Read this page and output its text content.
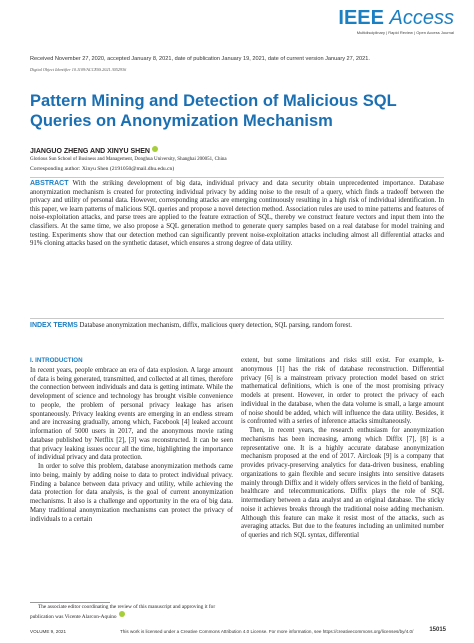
IEEE Access
Multidisciplinary | Rapid Review | Open Access Journal
Received November 27, 2020, accepted January 8, 2021, date of publication January 19, 2021, date of current version January 27, 2021.
Digital Object Identifier 10.1109/ACCESS.2021.3052936
Pattern Mining and Detection of Malicious SQL Queries on Anonymization Mechanism
JIANGUO ZHENG AND XINYU SHEN
Glorious Sun School of Business and Management, Donghua University, Shanghai 200051, China
Corresponding author: Xinyu Shen (2191050@mail.dhu.edu.cn)
ABSTRACT With the striking development of big data, individual privacy and data security obtain unprecedented importance. Database anonymization mechanism is created for protecting individual privacy by adding noise to the result of a query, which finds a tradeoff between the privacy and utility of personal data. However, corresponding attacks are emerging continuously resulting in a high risk of individual identification. In this paper, we learn patterns of malicious SQL queries and propose a novel detection method. Association rules are used to mine patterns and features of noise-exploitation attacks, and parse trees are applied to the feature extraction of SQL, thereby we construct feature vectors and input them into the classifiers. At the same time, we also propose a SQL generation method to generate query samples based on a real database for model training and testing. Experiments show that our detection method can significantly prevent noise-exploitation attacks including almost all differential attacks and 91% cloning attacks based on the synthetic dataset, which ensures a strong degree of data utility.
INDEX TERMS Database anonymization mechanism, diffix, malicious query detection, SQL parsing, random forest.
I. INTRODUCTION

In recent years, people embrace an era of data explosion. A large amount of data is being generated, transmitted, and collected at all times, therefore the connection between individuals and data is getting intimate. While the development of science and technology has brought visible convenience to people, the problem of personal privacy leakage has arisen spontaneously. Privacy leaking events are emerging in an endless stream and are increasing gradually, among which, Facebook [4] leaked account information of 5000 users in 2017, and the anonymous movie rating database published by Netflix [2], [3] was reconstructed. It can be seen that privacy leaking issues occur all the time, highlighting the importance of individual privacy and data protection.

In order to solve this problem, database anonymization methods came into being, mainly by adding noise to data to protect individual privacy. Finding a balance between data privacy and utility, while achieving the data protection for data analysis, is the goal of current anonymization mechanisms. It also is a challenge and opportunity in the era of big data. Many traditional anonymization mechanisms can protect the privacy of individuals to a certain

extent, but some limitations and risks still exist. For example, k-anonymous [1] has the risk of database reconstruction. Differential privacy [6] is a mainstream privacy protection model based on strict mathematical definitions, which is one of the most promising privacy models at present. However, in order to protect the privacy of each individual in the database, when the data volume is small, a large amount of noise should be added, which will influence the data utility. Besides, it is confronted with a series of inference attacks simultaneously.

Then, in recent years, the research enthusiasm for anonymization mechanisms has been increasing, among which Diffix [7], [8] is a representative one. It is a highly accurate database anonymization mechanism proposed at the end of 2017. Aircloak [9] is a company that provides privacy-preserving analytics for data-driven business, enabling organizations to gain flexible and secure insights into sensitive datasets mainly through Diffix and it widely offers services in the field of banking, healthcare and telecommunications. Diffix plays the role of SQL intermediary between a data analyst and an original database. The sticky noise it achieves breaks through the traditional noise adding mechanism. Although this feature can make it resist most of the attacks, such as averaging attacks. But due to the features including an unlimited number of queries and rich SQL syntax, differential

The associate editor coordinating the review of this manuscript and approving it for publication was Vicente Alarcon-Aquino
VOLUME 9, 2021	This work is licensed under a Creative Commons Attribution 4.0 License. For more information, see https://creativecommons.org/licenses/by/4.0/	15015
